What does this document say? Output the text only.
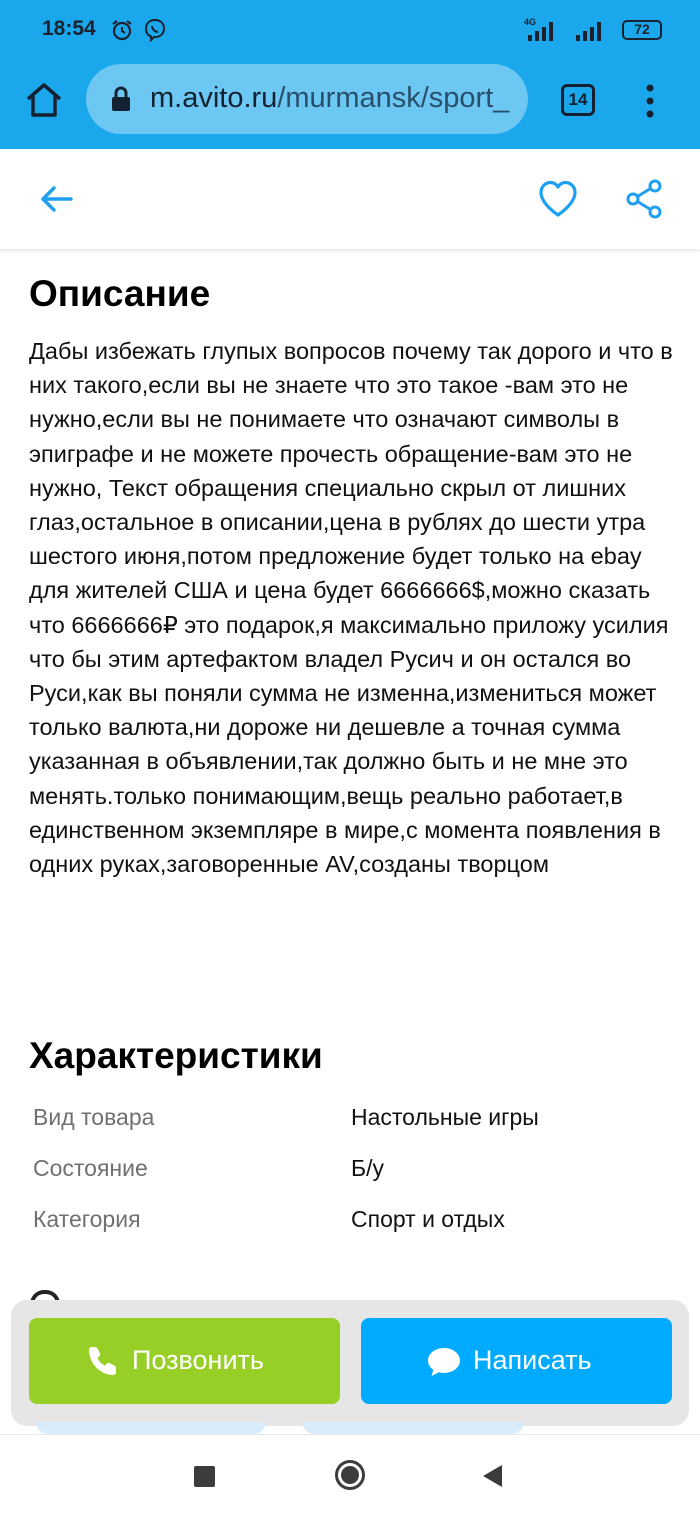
18:54	4G	72
m.avito.ru/murmansk/sport_	14
Описание
Дабы избежать глупых вопросов почему так дорого и что в них такого,если вы не знаете что это такое -вам это не нужно,если вы не понимаете что означают символы в эпиграфе и не можете прочесть обращение-вам это не нужно, Текст обращения специально скрыл от лишних глаз,остальное в описании,цена в рублях до шести утра шестого июня,потом предложение будет только на ebay для жителей США и цена будет 6666666$,можно сказать что 6666666₽ это подарок,я максимально приложу усилия что бы этим артефактом владел Русич и он остался во Руси,как вы поняли сумма не изменна,измениться может только валюта,ни дороже ни дешевле а точная сумма указанная в объявлении,так должно быть и не мне это менять.только понимающим,вещь реально работает,в единственном экземпляре в мире,с момента появления в одних руках,заговоренные AV,созданы творцом
Характеристики
Вид товара	Настольные игры
Состояние	Б/у
Категория	Спорт и отдых
Позвонить	Написать
